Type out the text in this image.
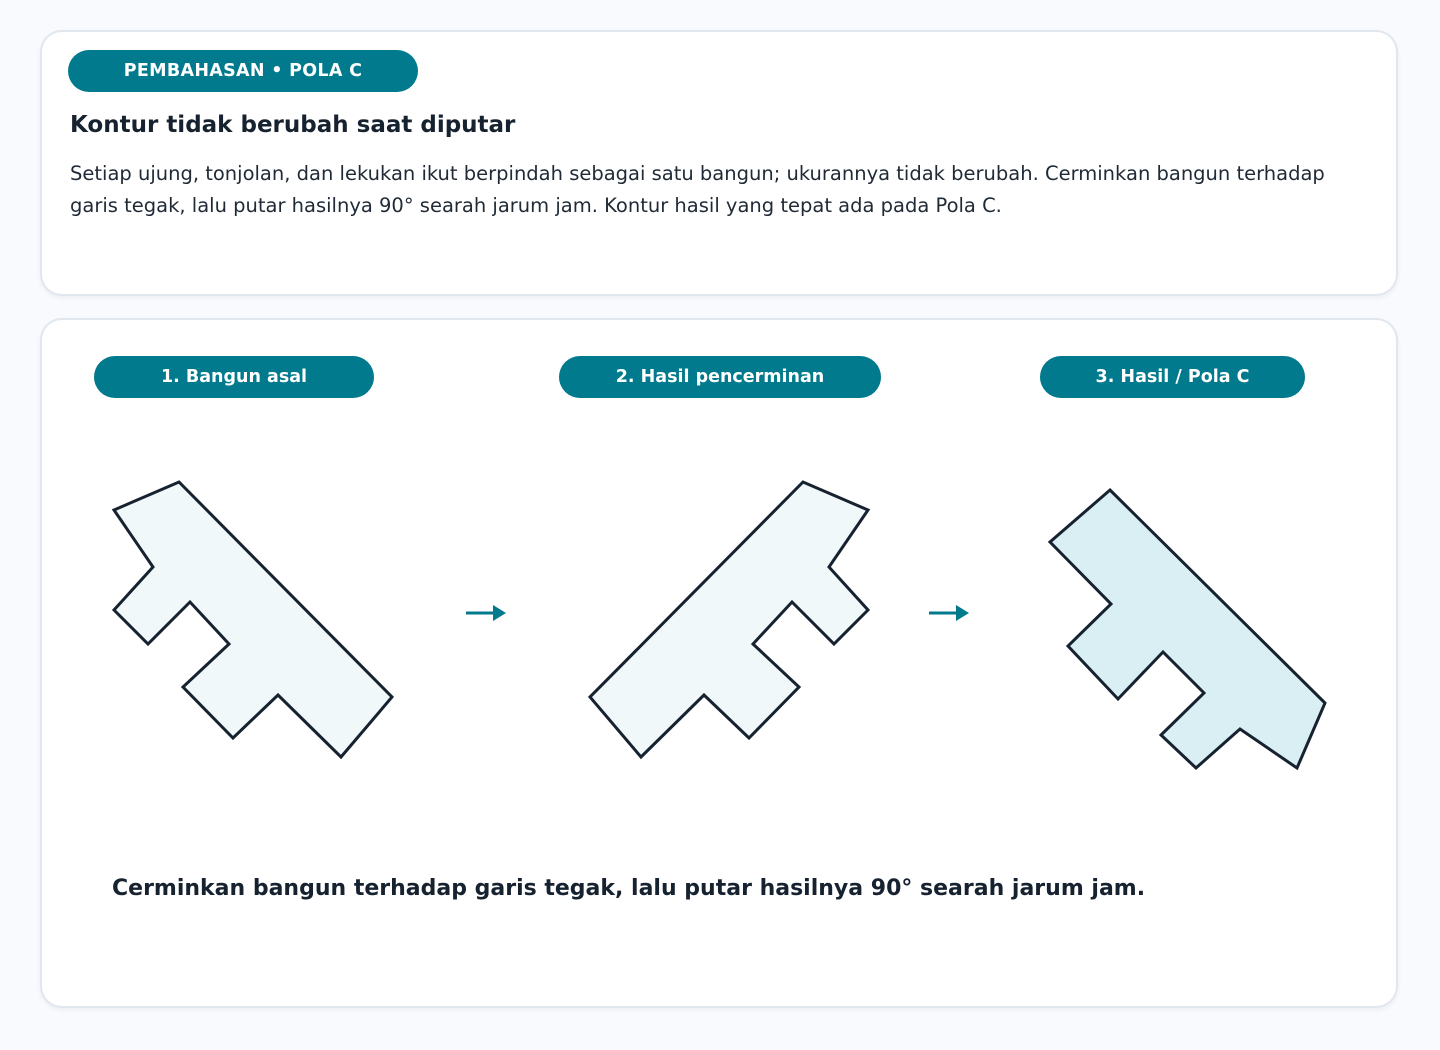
PEMBAHASAN • POLA C
Kontur tidak berubah saat diputar

Setiap ujung, tonjolan, dan lekukan ikut berpindah sebagai satu bangun; ukurannya tidak berubah. Cerminkan bangun terhadap garis tegak, lalu putar hasilnya 90° searah jarum jam. Kontur hasil yang tepat ada pada Pola C.

1. Bangun asal	2. Hasil pencerminan	3. Hasil / Pola C

Cerminkan bangun terhadap garis tegak, lalu putar hasilnya 90° searah jarum jam.
